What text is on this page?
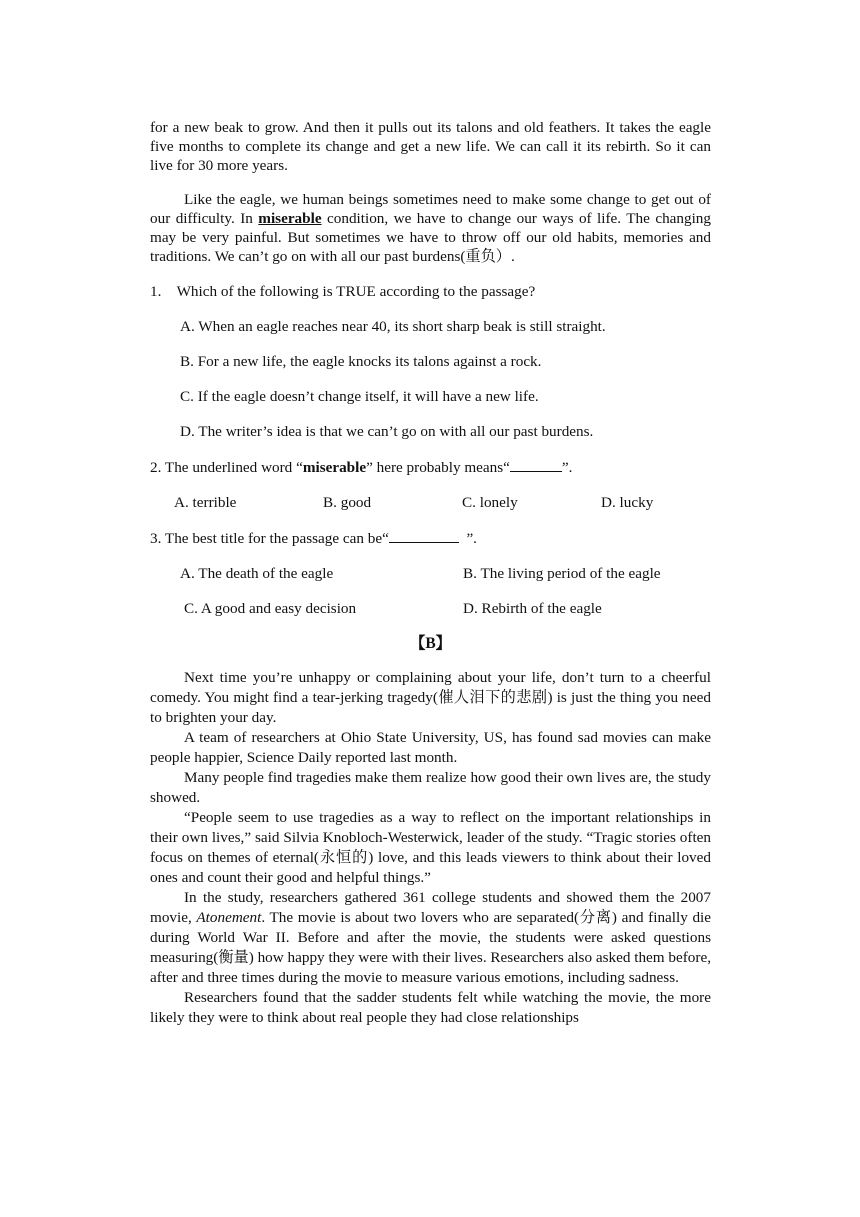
for a new beak to grow. And then it pulls out its talons and old feathers. It takes the eagle five months to complete its change and get a new life. We can call it its rebirth. So it can live for 30 more years.

Like the eagle, we human beings sometimes need to make some change to get out of our difficulty. In miserable condition, we have to change our ways of life. The changing may be very painful. But sometimes we have to throw off our old habits, memories and traditions. We can’t go on with all our past burdens(重负）.

1.    Which of the following is TRUE according to the passage?

A. When an eagle reaches near 40, its short sharp beak is still straight.

B. For a new life, the eagle knocks its talons against a rock.

C. If the eagle doesn’t change itself, it will have a new life.

D. The writer’s idea is that we can’t go on with all our past burdens.

2. The underlined word “miserable” here probably means“	”.

A. terrible	B. good	C. lonely	D. lucky

3. The best title for the passage can be“	”.

A. The death of the eagle	B. The living period of the eagle
C. A good and easy decision	D. Rebirth of the eagle
【B】

Next time you’re unhappy or complaining about your life, don’t turn to a cheerful comedy. You might find a tear-jerking tragedy(催人泪下的悲剧) is just the thing you need to brighten your day.

A team of researchers at Ohio State University, US, has found sad movies can make people happier, Science Daily reported last month.

Many people find tragedies make them realize how good their own lives are, the study showed.

“People seem to use tragedies as a way to reflect on the important relationships in their own lives,” said Silvia Knobloch-Westerwick, leader of the study. “Tragic stories often focus on themes of eternal(永恒的) love, and this leads viewers to think about their loved ones and count their good and helpful things.”

In the study, researchers gathered 361 college students and showed them the 2007 movie, Atonement. The movie is about two lovers who are separated(分离) and finally die during World War II. Before and after the movie, the students were asked questions measuring(衡量) how happy they were with their lives. Researchers also asked them before, after and three times during the movie to measure various emotions, including sadness.

Researchers found that the sadder students felt while watching the movie, the more likely they were to think about real people they had close relationships
